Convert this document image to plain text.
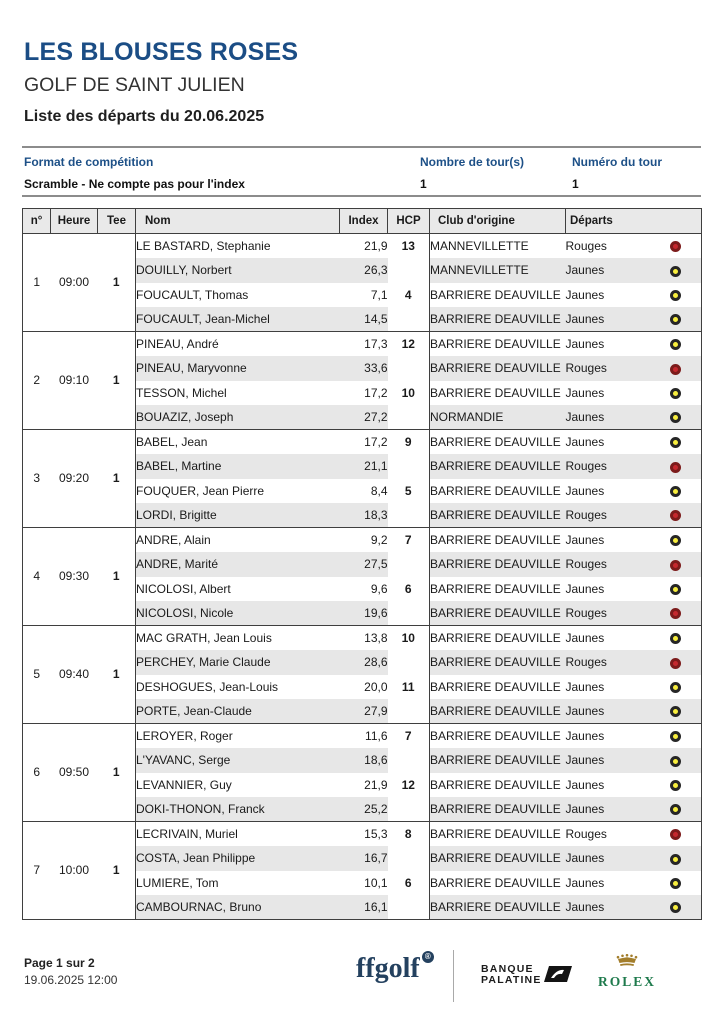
LES BLOUSES ROSES
GOLF DE SAINT JULIEN
Liste des départs du 20.06.2025
Format de compétition
Scramble - Ne compte pas pour l'index
Nombre de tour(s)
1
Numéro du tour
1
n°	Heure	Tee	Nom	Index	HCP	Club d'origine	Départs	
1	09:00	1	LE BASTARD, Stephanie	21,9	13	MANNEVILLETTE	Rouges	
			DOUILLY, Norbert	26,3		MANNEVILLETTE	Jaunes	
			FOUCAULT, Thomas	7,1	4	BARRIERE DEAUVILLE	Jaunes	
			FOUCAULT, Jean-Michel	14,5		BARRIERE DEAUVILLE	Jaunes	
2	09:10	1	PINEAU, André	17,3	12	BARRIERE DEAUVILLE	Jaunes	
			PINEAU, Maryvonne	33,6		BARRIERE DEAUVILLE	Rouges	
			TESSON, Michel	17,2	10	BARRIERE DEAUVILLE	Jaunes	
			BOUAZIZ, Joseph	27,2		NORMANDIE	Jaunes	
3	09:20	1	BABEL, Jean	17,2	9	BARRIERE DEAUVILLE	Jaunes	
			BABEL, Martine	21,1		BARRIERE DEAUVILLE	Rouges	
			FOUQUER, Jean Pierre	8,4	5	BARRIERE DEAUVILLE	Jaunes	
			LORDI, Brigitte	18,3		BARRIERE DEAUVILLE	Rouges	
4	09:30	1	ANDRE, Alain	9,2	7	BARRIERE DEAUVILLE	Jaunes	
			ANDRE, Marité	27,5		BARRIERE DEAUVILLE	Rouges	
			NICOLOSI, Albert	9,6	6	BARRIERE DEAUVILLE	Jaunes	
			NICOLOSI, Nicole	19,6		BARRIERE DEAUVILLE	Rouges	
5	09:40	1	MAC GRATH, Jean Louis	13,8	10	BARRIERE DEAUVILLE	Jaunes	
			PERCHEY, Marie Claude	28,6		BARRIERE DEAUVILLE	Rouges	
			DESHOGUES, Jean-Louis	20,0	11	BARRIERE DEAUVILLE	Jaunes	
			PORTE, Jean-Claude	27,9		BARRIERE DEAUVILLE	Jaunes	
6	09:50	1	LEROYER, Roger	11,6	7	BARRIERE DEAUVILLE	Jaunes	
			L'YAVANC, Serge	18,6		BARRIERE DEAUVILLE	Jaunes	
			LEVANNIER, Guy	21,9	12	BARRIERE DEAUVILLE	Jaunes	
			DOKI-THONON, Franck	25,2		BARRIERE DEAUVILLE	Jaunes	
7	10:00	1	LECRIVAIN, Muriel	15,3	8	BARRIERE DEAUVILLE	Rouges	
			COSTA, Jean Philippe	16,7		BARRIERE DEAUVILLE	Jaunes	
			LUMIERE, Tom	10,1	6	BARRIERE DEAUVILLE	Jaunes	
			CAMBOURNAC, Bruno	16,1		BARRIERE DEAUVILLE	Jaunes	
Page 1 sur 2
19.06.2025 12:00	ffgolf ®
BANQUE
PALATINE	ROLEX
